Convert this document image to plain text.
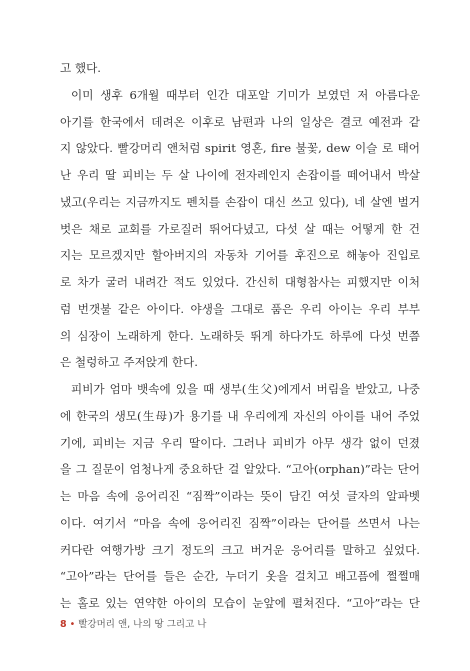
고 했다.
이미 생후 6개월 때부터 인간 대포알 기미가 보였던 저 아름다운
아기를 한국에서 데려온 이후로 남편과 나의 일상은 결코 예전과 같
지 않았다. 빨강머리 앤처럼 spirit 영혼, fire 불꽃, dew 이슬 로 태어
난 우리 딸 피비는 두 살 나이에 전자레인지 손잡이를 떼어내서 박살
냈고(우리는 지금까지도 펜치를 손잡이 대신 쓰고 있다), 네 살엔 벌거
벗은 채로 교회를 가로질러 뛰어다녔고, 다섯 살 때는 어떻게 한 건
지는 모르겠지만 할아버지의 자동차 기어를 후진으로 해놓아 진입로
로 차가 굴러 내려간 적도 있었다. 간신히 대형참사는 피했지만 이처
럼 번갯불 같은 아이다. 야생을 그대로 품은 우리 아이는 우리 부부
의 심장이 노래하게 한다. 노래하듯 뛰게 하다가도 하루에 다섯 번쯤
은 철렁하고 주저앉게 한다.
피비가 엄마 뱃속에 있을 때 생부(生父)에게서 버림을 받았고, 나중
에 한국의 생모(生母)가 용기를 내 우리에게 자신의 아이를 내어 주었
기에, 피비는 지금 우리 딸이다. 그러나 피비가 아무 생각 없이 던졌
을 그 질문이 엄청나게 중요하단 걸 알았다. “고아(orphan)”라는 단어
는 마음 속에 응어리진 “짐짝”이라는 뜻이 담긴 여섯 글자의 알파벳
이다. 여기서 “마음 속에 응어리진 짐짝”이라는 단어를 쓰면서 나는
커다란 여행가방 크기 정도의 크고 버거운 응어리를 말하고 싶었다.
“고아”라는 단어를 들은 순간, 누더기 옷을 걸치고 배고픔에 쩔쩔매
는 홀로 있는 연약한 아이의 모습이 눈앞에 펼쳐진다. “고아”라는 단
8 • 빨강머리 앤, 나의 땅 그리고 나
